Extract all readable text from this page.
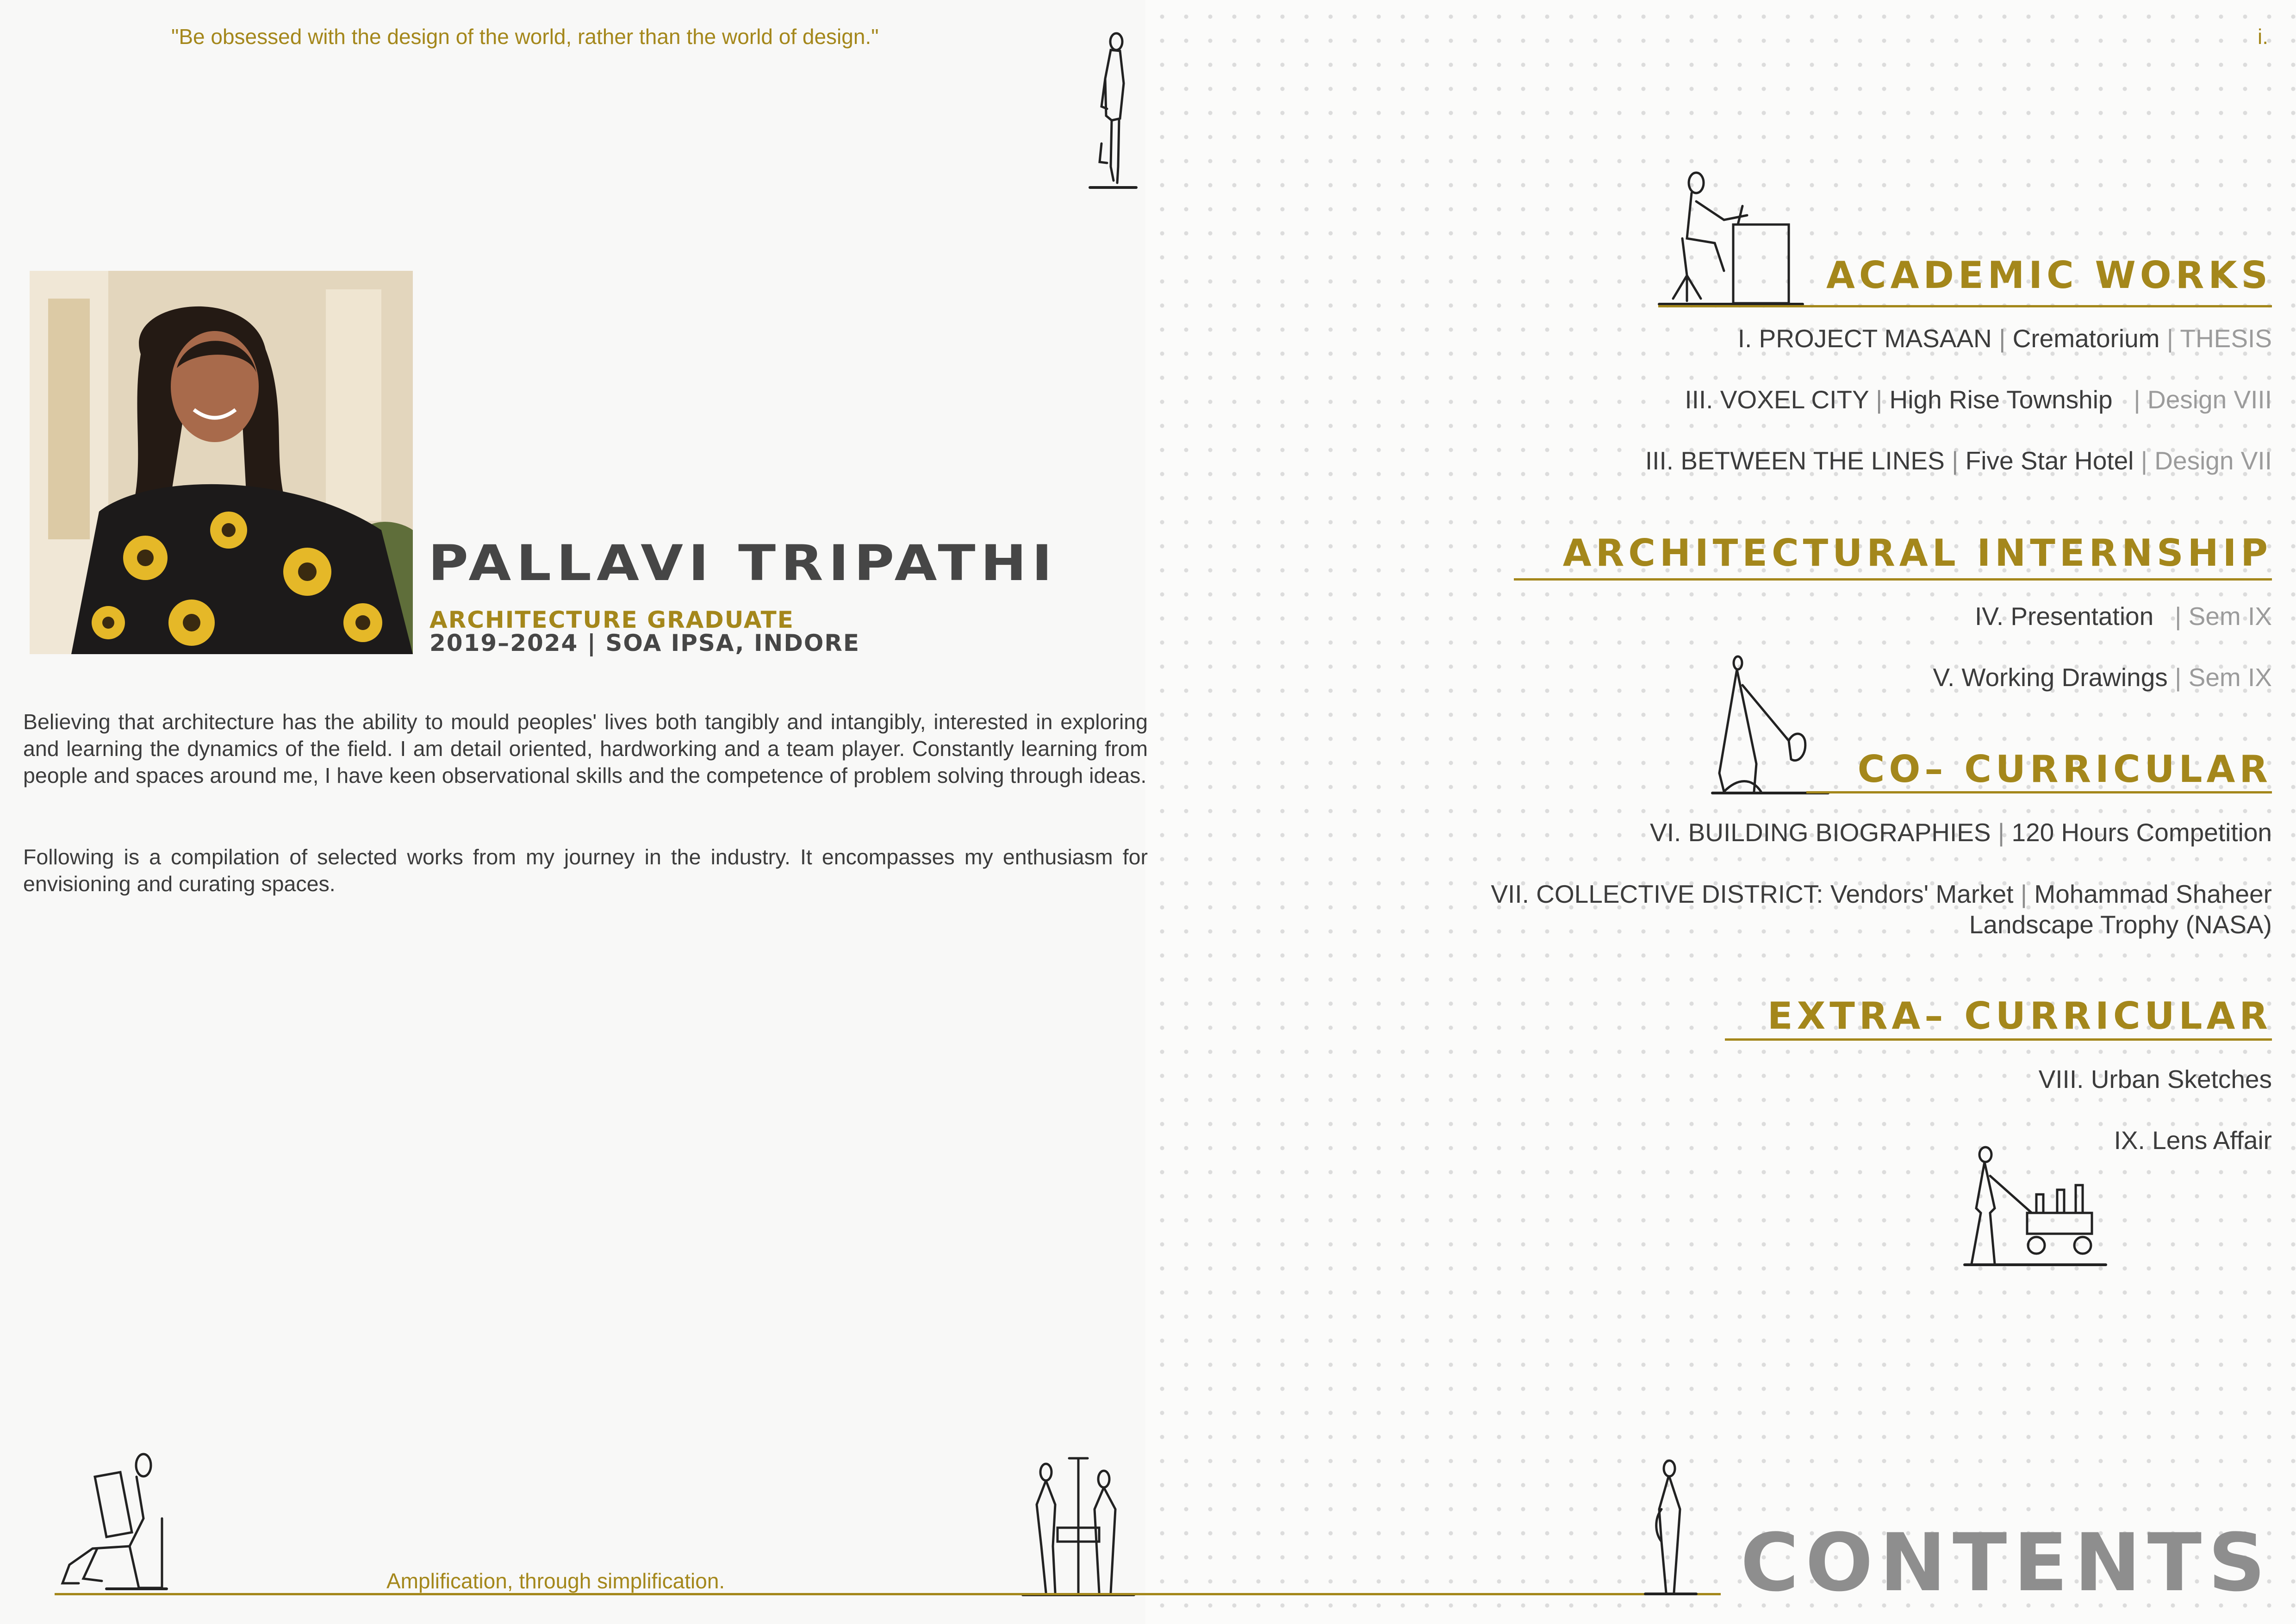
"Be obsessed with the design of the world, rather than the world of design."
PALLAVI TRIPATHI
ARCHITECTURE GRADUATE
2019–2024 | SOA IPSA, INDORE

Believing that architecture has the ability to mould peoples' lives both tangibly and intangibly, interested in exploring and learning the dynamics of the field. I am detail oriented, hardworking and a team player. Constantly learning from people and spaces around me, I have keen observational skills and the competence of problem solving through ideas.

Following is a compilation of selected works from my journey in the industry. It encompasses my enthusiasm for envisioning and curating spaces.

Amplification, through simplification.
i.
ACADEMIC WORKS
I. PROJECT MASAAN | Crematorium | THESIS
III. VOXEL CITY | High Rise Township   | Design VIII
III. BETWEEN THE LINES | Five Star Hotel | Design VII
ARCHITECTURAL INTERNSHIP
IV. Presentation   | Sem IX
V. Working Drawings | Sem IX
CO– CURRICULAR
VI. BUILDING BIOGRAPHIES | 120 Hours Competition
VII. COLLECTIVE DISTRICT: Vendors' Market | Mohammad Shaheer
Landscape Trophy (NASA)
EXTRA– CURRICULAR
VIII. Urban Sketches
IX. Lens Affair
CONTENTS
